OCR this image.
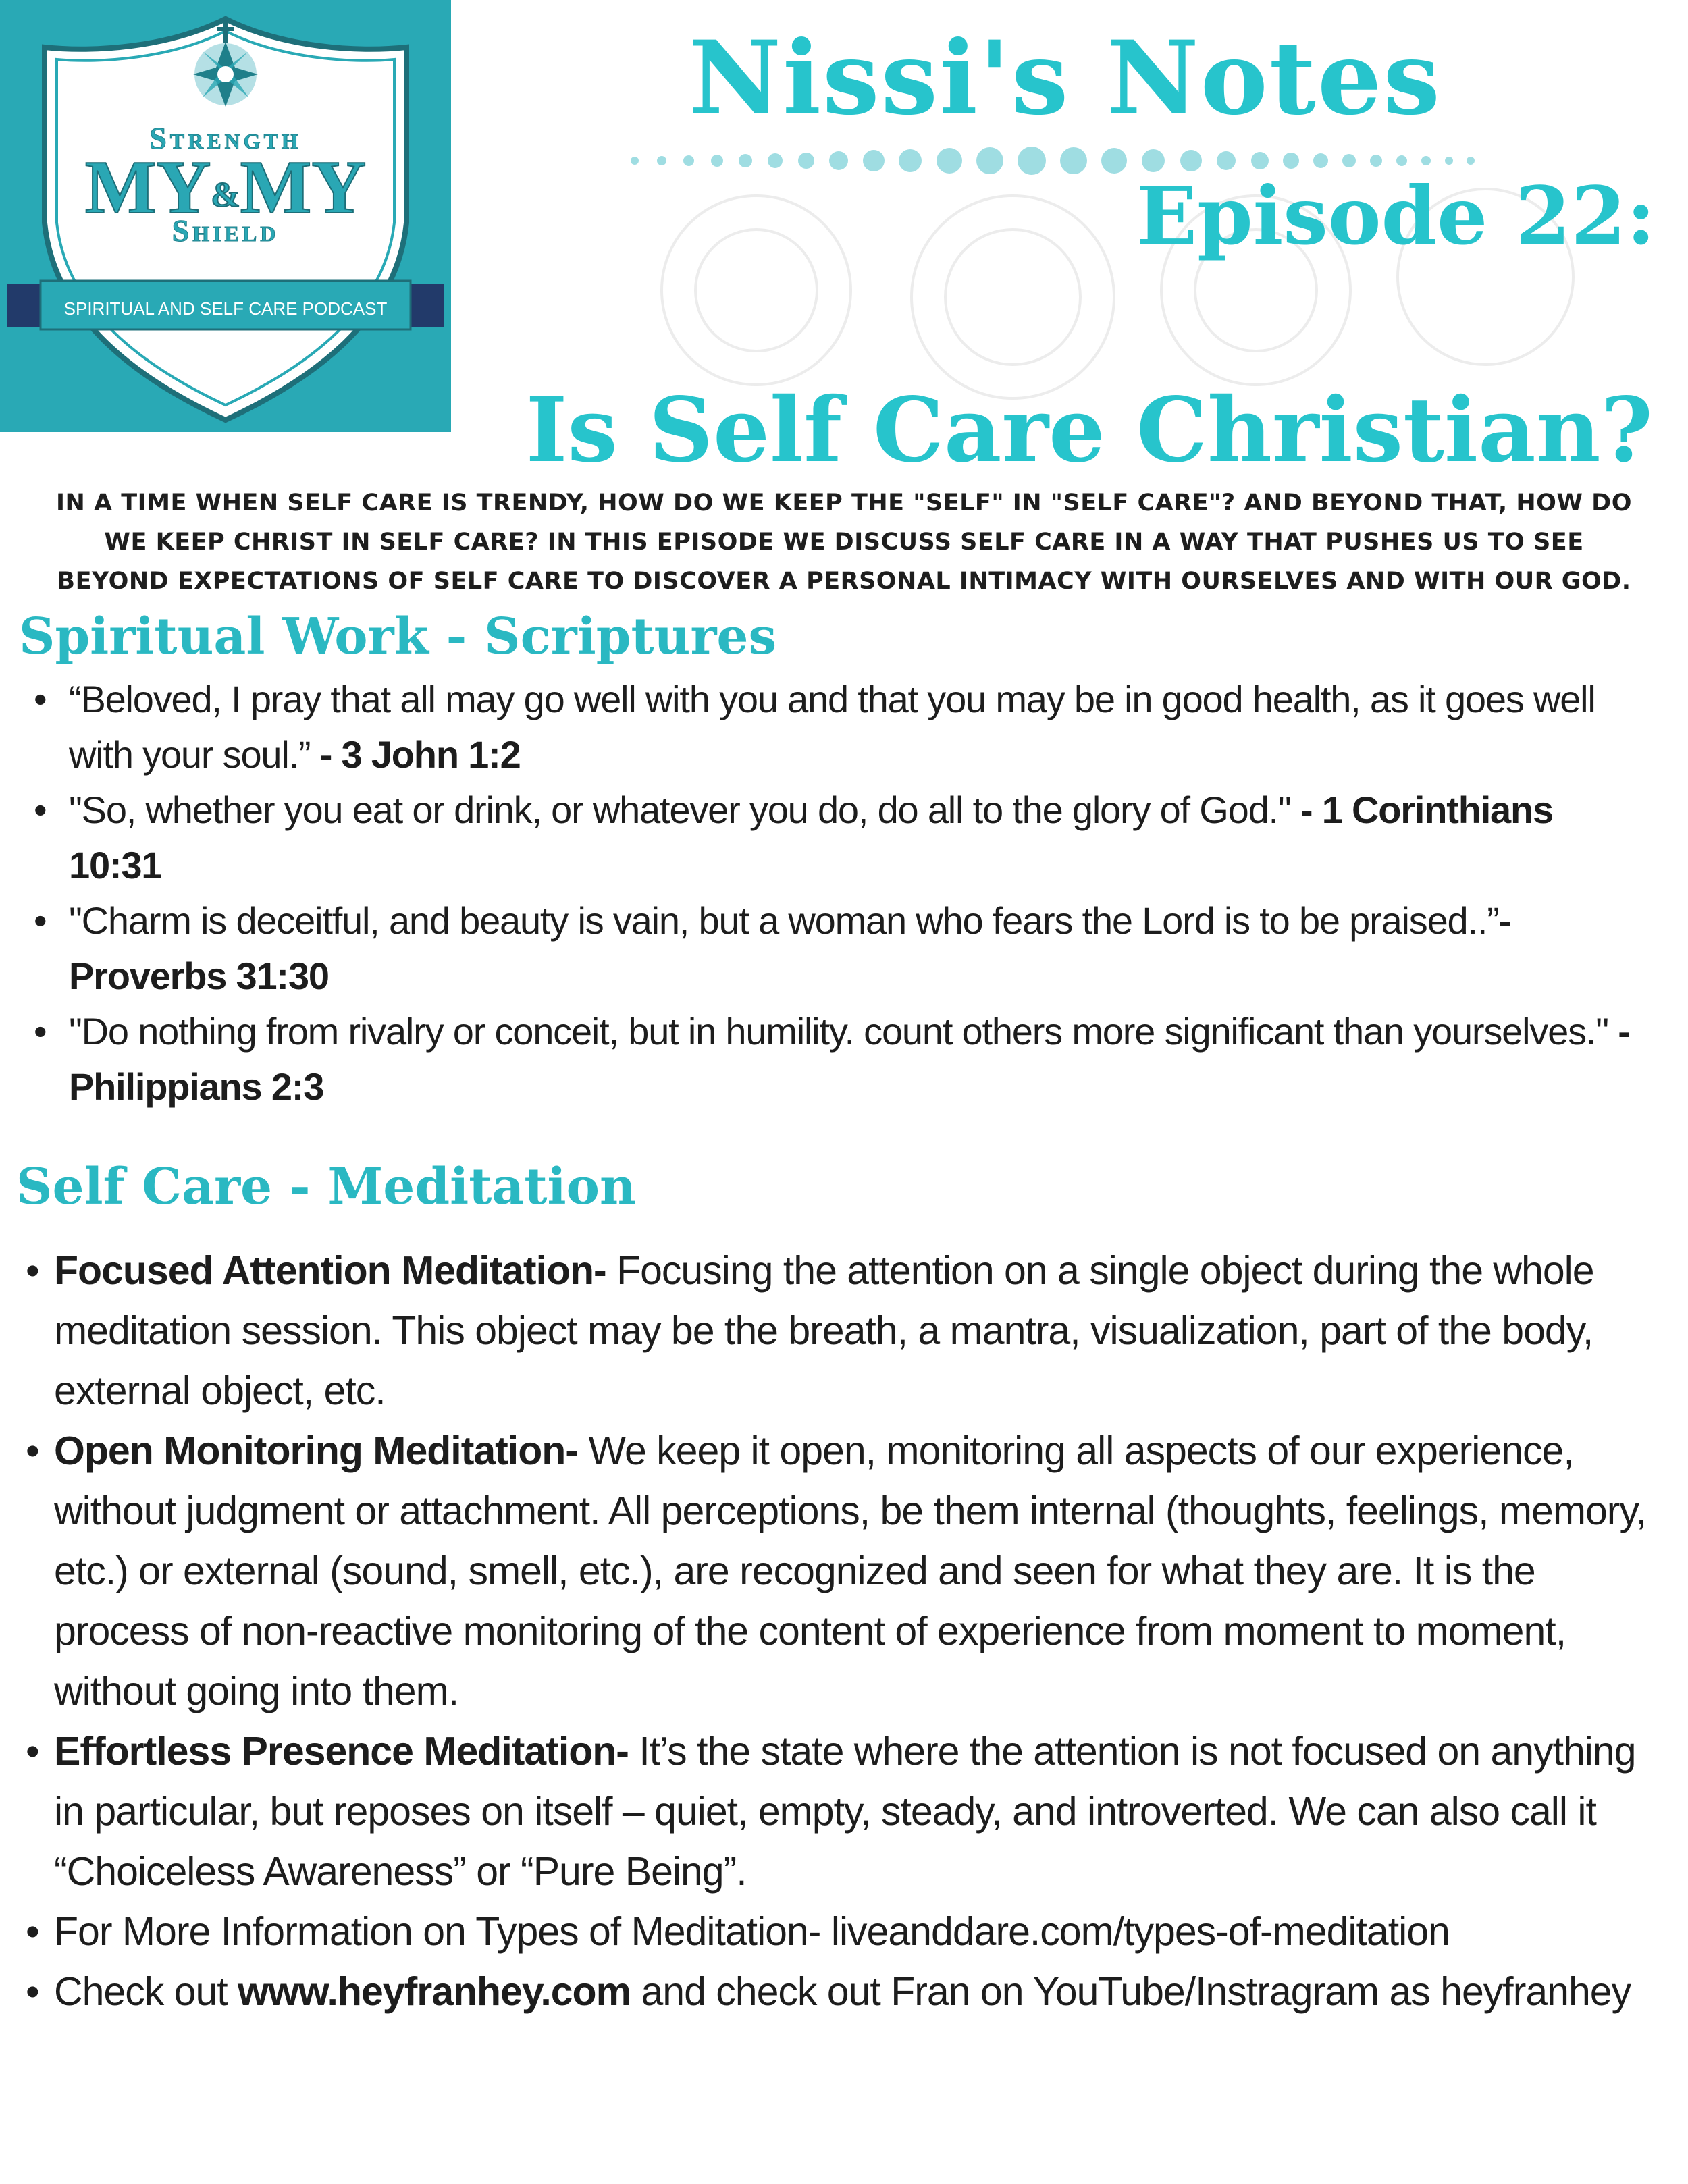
Strength
MY&MY
Shield
SPIRITUAL AND SELF CARE PODCAST
Nissi's Notes
Episode 22:
Is Self Care Christian?
IN A TIME WHEN SELF CARE IS TRENDY, HOW DO WE KEEP THE "SELF" IN "SELF CARE"? AND BEYOND THAT, HOW DO WE KEEP CHRIST IN SELF CARE? IN THIS EPISODE WE DISCUSS SELF CARE IN A WAY THAT PUSHES US TO SEE BEYOND EXPECTATIONS OF SELF CARE TO DISCOVER A PERSONAL INTIMACY WITH OURSELVES AND WITH OUR GOD.
Spiritual Work - Scriptures
• “Beloved, I pray that all may go well with you and that you may be in good health, as it goes well with your soul.” - 3 John 1:2
• "So, whether you eat or drink, or whatever you do, do all to the glory of God." - 1 Corinthians 10:31
• "Charm is deceitful, and beauty is vain, but a woman who fears the Lord is to be praised..”- Proverbs 31:30
• "Do nothing from rivalry or conceit, but in humility. count others more significant than yourselves." - Philippians 2:3
Self Care - Meditation
• Focused Attention Meditation- Focusing the attention on a single object during the whole meditation session. This object may be the breath, a mantra, visualization, part of the body, external object, etc.
• Open Monitoring Meditation- We keep it open, monitoring all aspects of our experience, without judgment or attachment. All perceptions, be them internal (thoughts, feelings, memory, etc.) or external (sound, smell, etc.), are recognized and seen for what they are. It is the process of non-reactive monitoring of the content of experience from moment to moment, without going into them.
• Effortless Presence Meditation- It’s the state where the attention is not focused on anything in particular, but reposes on itself – quiet, empty, steady, and introverted. We can also call it “Choiceless Awareness” or “Pure Being”.
• For More Information on Types of Meditation- liveanddare.com/types-of-meditation
• Check out www.heyfranhey.com and check out Fran on YouTube/Instragram as heyfranhey
